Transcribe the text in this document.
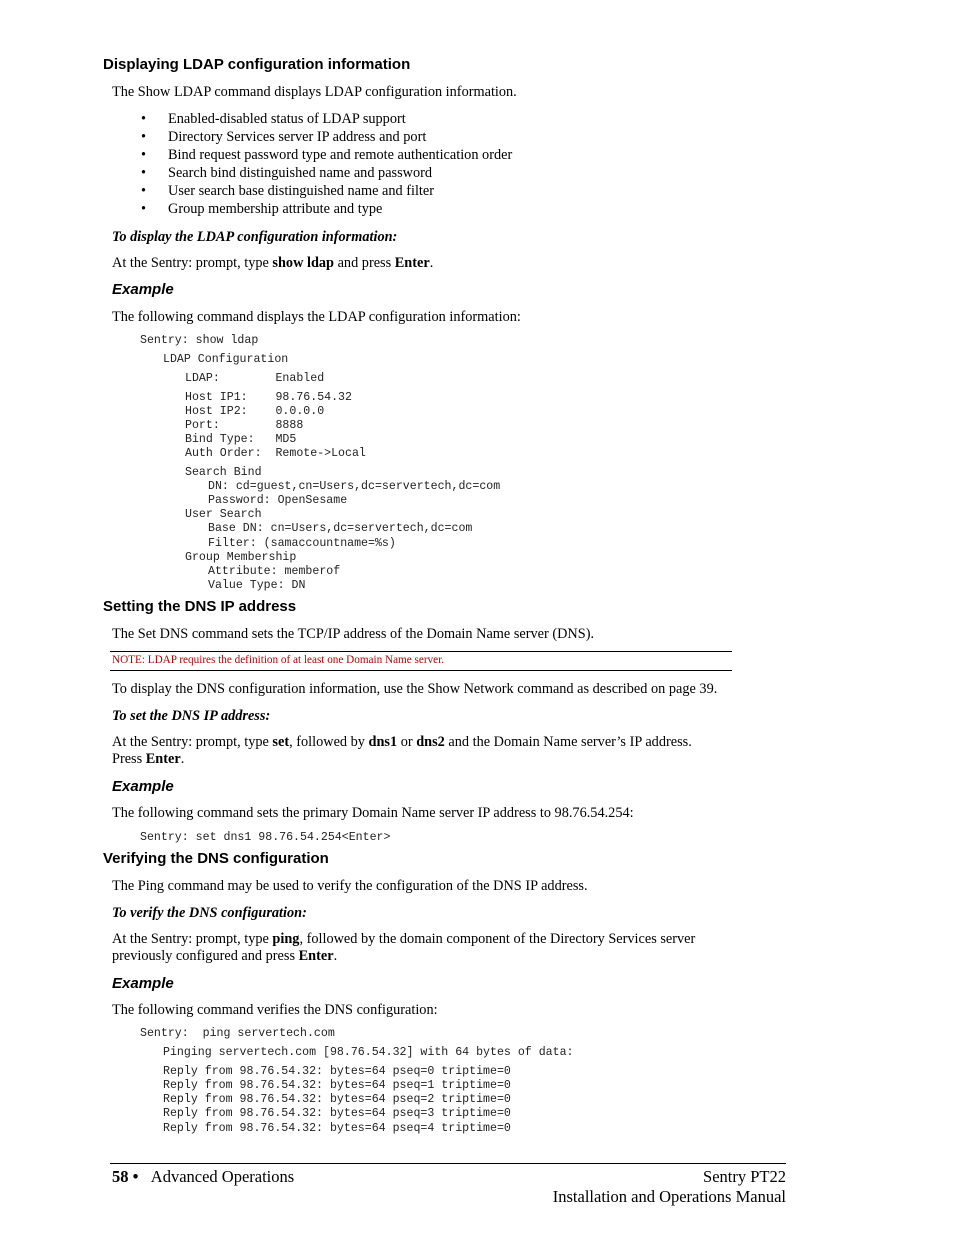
Displaying LDAP configuration information
The Show LDAP command displays LDAP configuration information.
• Enabled-disabled status of LDAP support
• Directory Services server IP address and port
• Bind request password type and remote authentication order
• Search bind distinguished name and password
• User search base distinguished name and filter
• Group membership attribute and type
To display the LDAP configuration information:
At the Sentry: prompt, type show ldap and press Enter.
Example
The following command displays the LDAP configuration information:
Sentry: show ldap
LDAP Configuration
LDAP:        Enabled
Host IP1:    98.76.54.32
Host IP2:    0.0.0.0
Port:        8888
Bind Type:   MD5
Auth Order:  Remote->Local
Search Bind
DN: cd=guest,cn=Users,dc=servertech,dc=com
Password: OpenSesame
User Search
Base DN: cn=Users,dc=servertech,dc=com
Filter: (samaccountname=%s)
Group Membership
Attribute: memberof
Value Type: DN
Setting the DNS IP address
The Set DNS command sets the TCP/IP address of the Domain Name server (DNS).
NOTE: LDAP requires the definition of at least one Domain Name server.
To display the DNS configuration information, use the Show Network command as described on page 39.
To set the DNS IP address:
At the Sentry: prompt, type set, followed by dns1 or dns2 and the Domain Name server’s IP address.
Press Enter.
Example
The following command sets the primary Domain Name server IP address to 98.76.54.254:
Sentry: set dns1 98.76.54.254<Enter>
Verifying the DNS configuration
The Ping command may be used to verify the configuration of the DNS IP address.
To verify the DNS configuration:
At the Sentry: prompt, type ping, followed by the domain component of the Directory Services server
previously configured and press Enter.
Example
The following command verifies the DNS configuration:
Sentry:  ping servertech.com
Pinging servertech.com [98.76.54.32] with 64 bytes of data:
Reply from 98.76.54.32: bytes=64 pseq=0 triptime=0
Reply from 98.76.54.32: bytes=64 pseq=1 triptime=0
Reply from 98.76.54.32: bytes=64 pseq=2 triptime=0
Reply from 98.76.54.32: bytes=64 pseq=3 triptime=0
Reply from 98.76.54.32: bytes=64 pseq=4 triptime=0
58 • Advanced Operations	Sentry PT22
Installation and Operations Manual
